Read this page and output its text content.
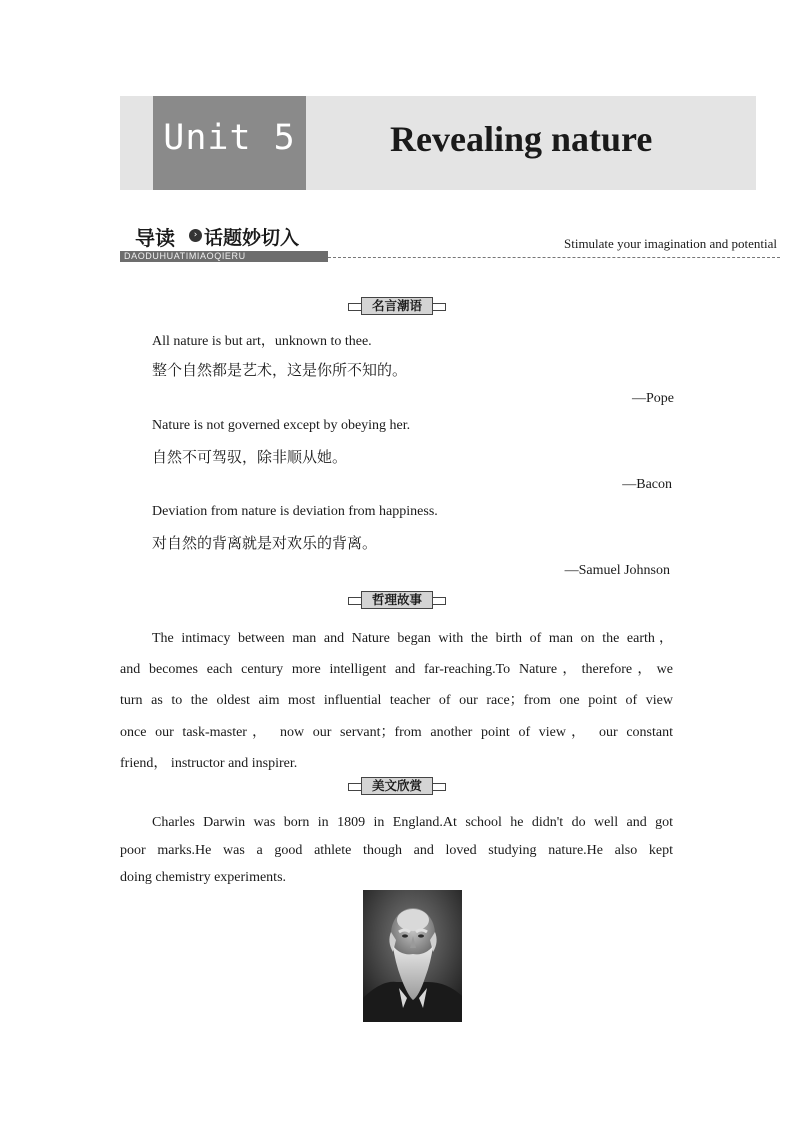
Unit 5	Revealing nature
导读	› 话题妙切入
DAODUHUATIMIAOQIERU
Stimulate your imagination and potential
名言潮语
All nature is but art，unknown to thee.
整个自然都是艺术，这是你所不知的。
—Pope
Nature is not governed except by obeying her.
自然不可驾驭，除非顺从她。
—Bacon
Deviation from nature is deviation from happiness.
对自然的背离就是对欢乐的背离。
—Samuel Johnson
哲理故事
The intimacy between man and Nature began with the birth of man on the earth，
and becomes each century more intelligent and far-reaching.To Nature，therefore，we
turn as to the oldest aim most influential teacher of our race；from one point of view
once our task-master， now our servant；from another point of view， our constant
friend， instructor and inspirer.
美文欣赏
Charles Darwin was born in 1809 in England.At school he didn't do well and got
poor marks.He was a good athlete though and loved studying nature.He also kept
doing chemistry experiments.
